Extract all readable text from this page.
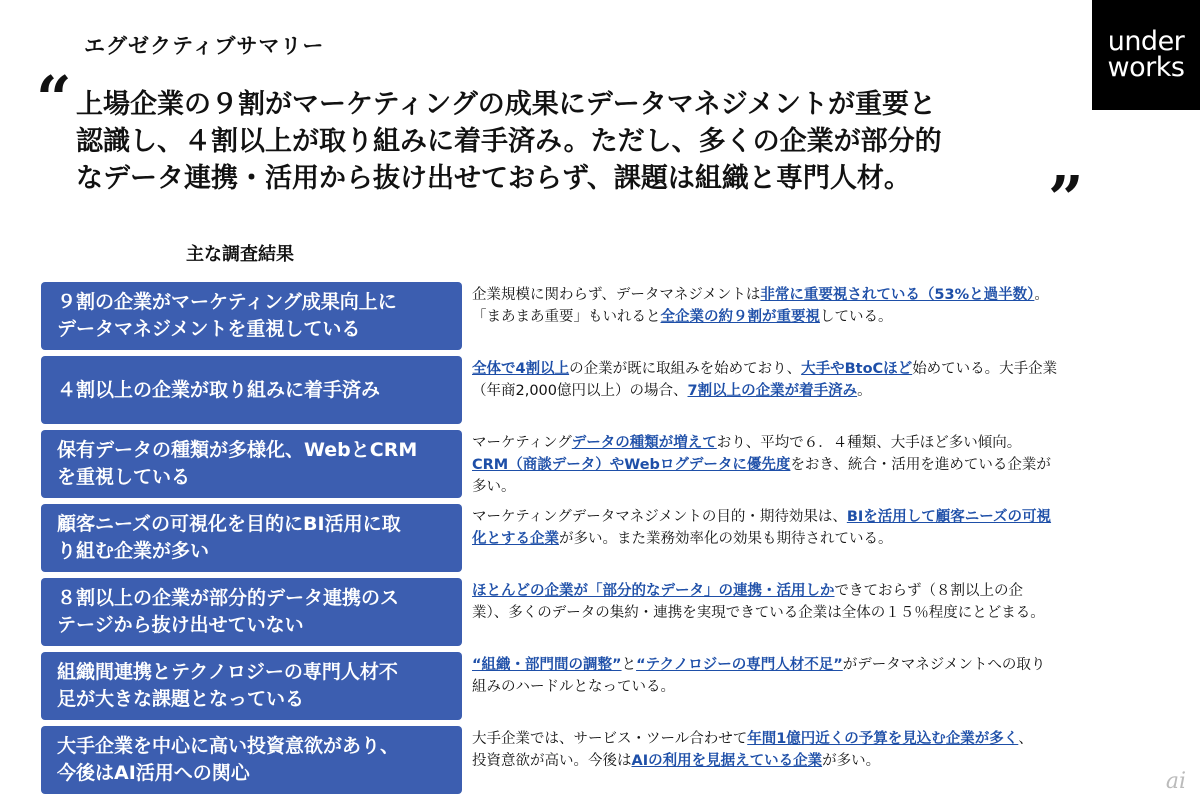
エグゼクティブサマリー	under
works
“ 上場企業の９割がマーケティングの成果にデータマネジメントが重要と
認識し、４割以上が取り組みに着手済み。ただし、多くの企業が部分的
なデータ連携・活用から抜け出せておらず、課題は組織と専門人材。	”
主な調査結果
９割の企業がマーケティング成果向上に
データマネジメントを重視している
企業規模に関わらず、データマネジメントは非常に重要視されている（53%と過半数）。
「まあまあ重要」もいれると全企業の約９割が重要視している。
４割以上の企業が取り組みに着手済み
全体で4割以上の企業が既に取組みを始めており、大手やBtoCほど始めている。大手企業
（年商2,000億円以上）の場合、7割以上の企業が着手済み。
保有データの種類が多様化、WebとCRM
を重視している
マーケティングデータの種類が増えており、平均で６．４種類、大手ほど多い傾向。
CRM（商談データ）やWebログデータに優先度をおき、統合・活用を進めている企業が
多い。
顧客ニーズの可視化を目的にBI活用に取
り組む企業が多い
マーケティングデータマネジメントの目的・期待効果は、BIを活用して顧客ニーズの可視
化とする企業が多い。また業務効率化の効果も期待されている。
８割以上の企業が部分的データ連携のス
テージから抜け出せていない
ほとんどの企業が「部分的なデータ」の連携・活用しかできておらず（８割以上の企
業）、多くのデータの集約・連携を実現できている企業は全体の１５％程度にとどまる。
組織間連携とテクノロジーの専門人材不
足が大きな課題となっている
“組織・部門間の調整”と“テクノロジーの専門人材不足”がデータマネジメントへの取り
組みのハードルとなっている。
大手企業を中心に高い投資意欲があり、
今後はAI活用への関心
大手企業では、サービス・ツール合わせて年間1億円近くの予算を見込む企業が多く、
投資意欲が高い。今後はAIの利用を見据えている企業が多い。
ai
